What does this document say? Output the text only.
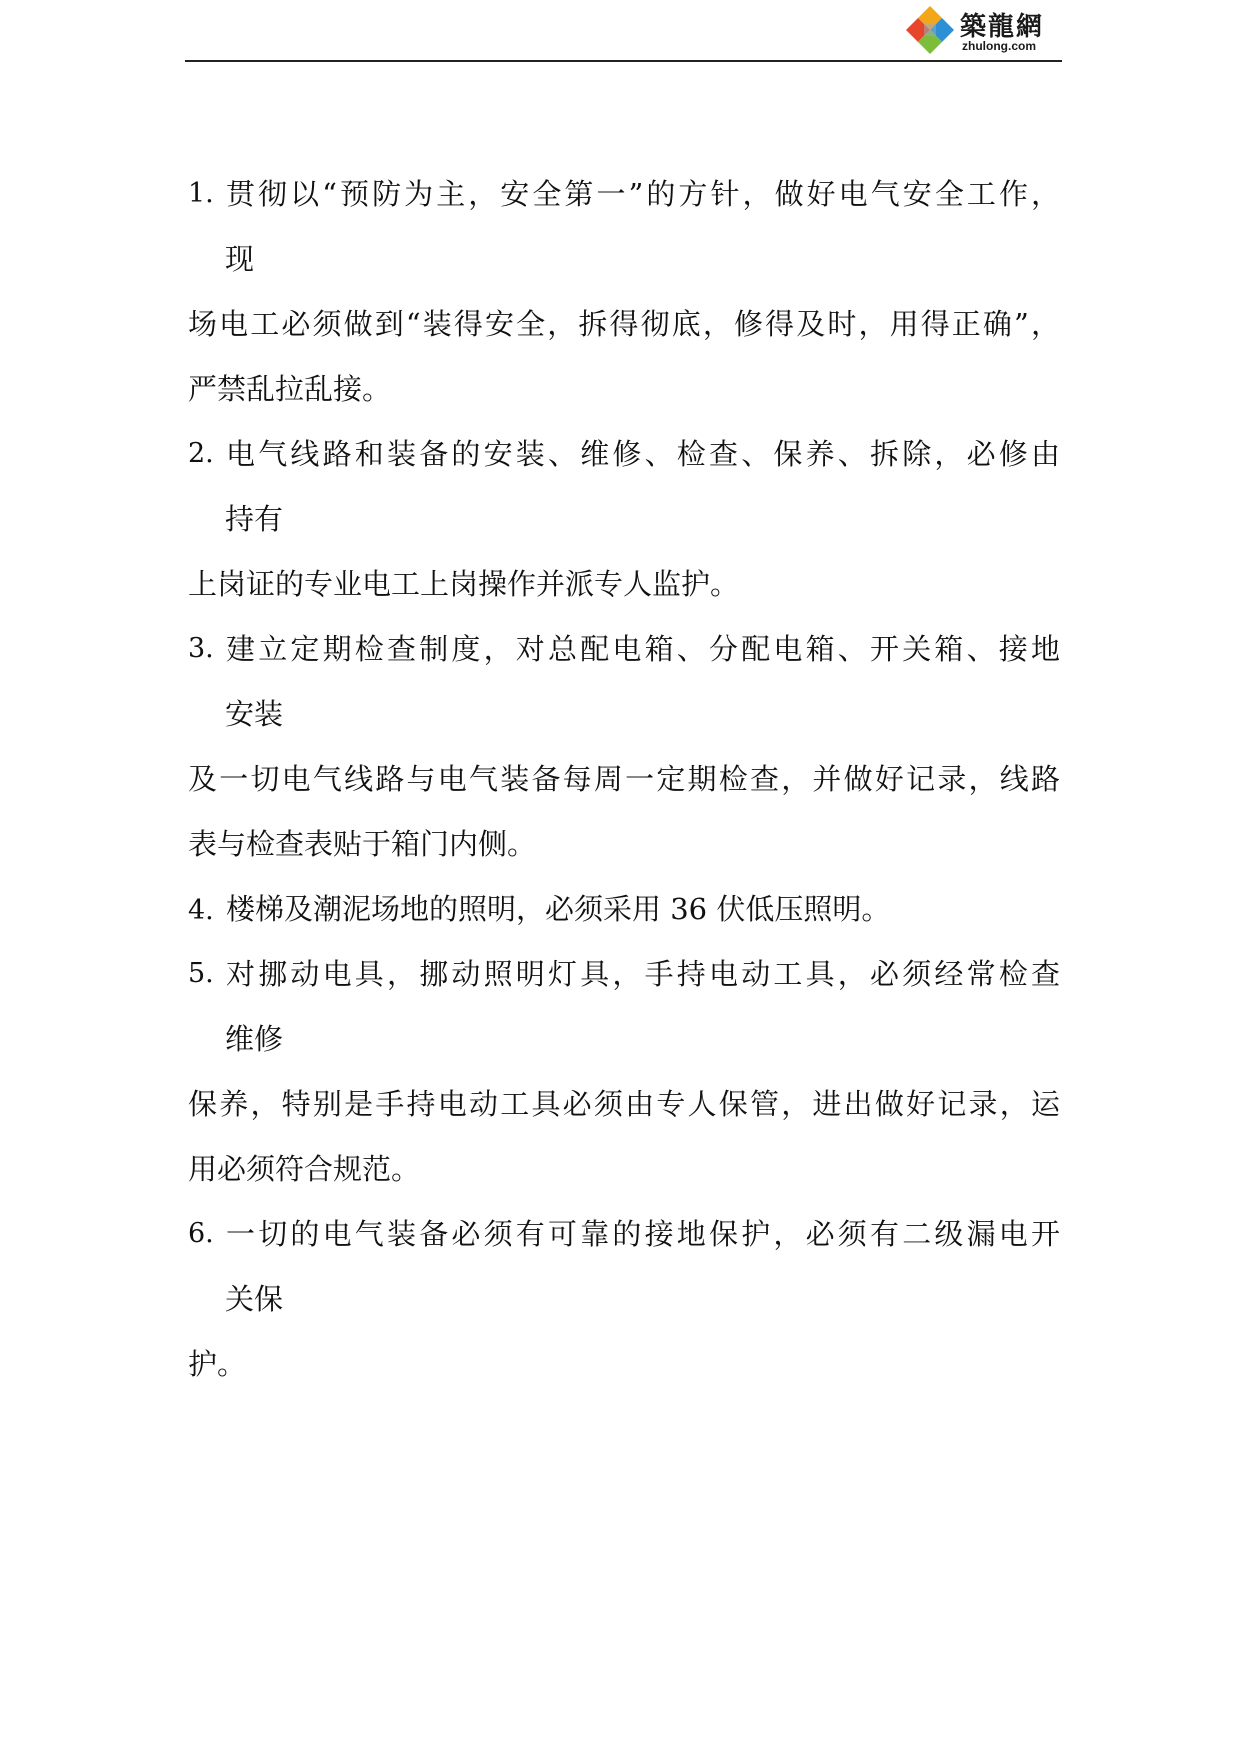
築龍網
zhulong.com
1. 贯彻以“预防为主，安全第一”的方针，做好电气安全工作，
现
场电工必须做到“装得安全，拆得彻底，修得及时，用得正确”，
严禁乱拉乱接。
2. 电气线路和装备的安装、维修、检查、保养、拆除，必修由
持有
上岗证的专业电工上岗操作并派专人监护。
3. 建立定期检查制度，对总配电箱、分配电箱、开关箱、接地
安装
及一切电气线路与电气装备每周一定期检查，并做好记录，线路
表与检查表贴于箱门内侧。
4. 楼梯及潮泥场地的照明，必须采用 36 伏低压照明。
5. 对挪动电具，挪动照明灯具，手持电动工具，必须经常检查
维修
保养，特别是手持电动工具必须由专人保管，进出做好记录，运
用必须符合规范。
6. 一切的电气装备必须有可靠的接地保护，必须有二级漏电开
关保
护。
